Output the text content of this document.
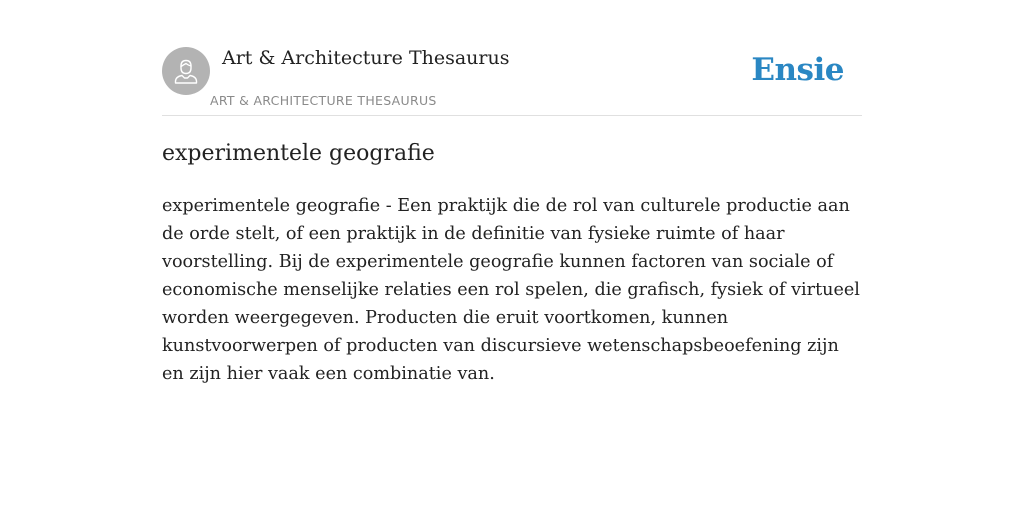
Art & Architecture Thesaurus
ART & ARCHITECTURE THESAURUS
Ensie
experimentele geografie

experimentele geografie - Een praktijk die de rol van culturele productie aan de orde stelt, of een praktijk in de definitie van fysieke ruimte of haar voorstelling. Bij de experimentele geografie kunnen factoren van sociale of economische menselijke relaties een rol spelen, die grafisch, fysiek of virtueel worden weergegeven. Producten die eruit voortkomen, kunnen kunstvoorwerpen of producten van discursieve wetenschapsbeoefening zijn en zijn hier vaak een combinatie van.
